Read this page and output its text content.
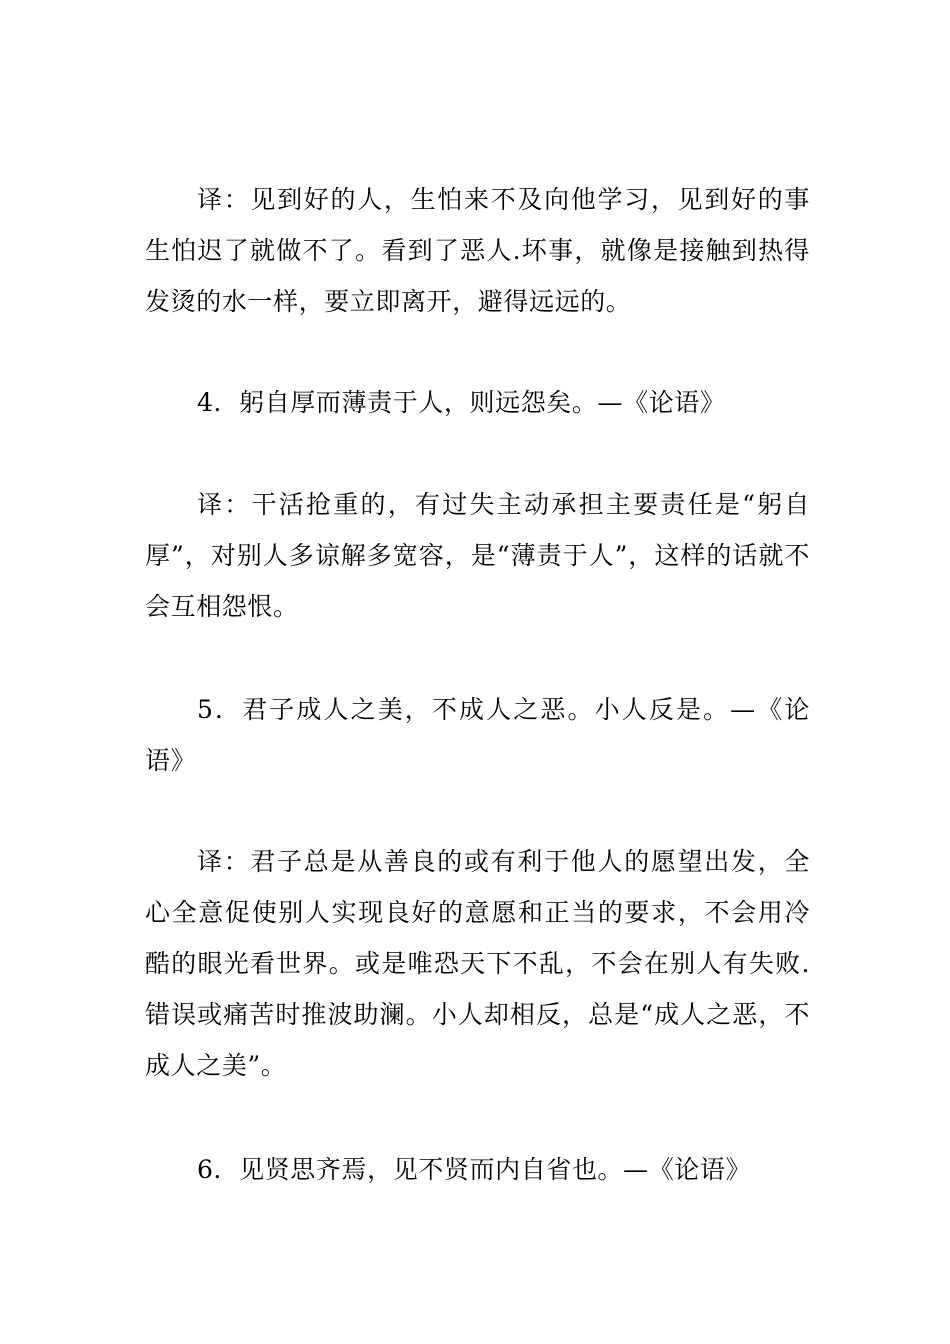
译：见到好的人，生怕来不及向他学习，见到好的事生怕迟了就做不了。看到了恶人.坏事，就像是接触到热得发烫的水一样，要立即离开，避得远远的。

4．躬自厚而薄责于人，则远怨矣。—《论语》

译：干活抢重的，有过失主动承担主要责任是“躬自厚”，对别人多谅解多宽容，是“薄责于人”，这样的话就不会互相怨恨。

5．君子成人之美，不成人之恶。小人反是。—《论语》

译：君子总是从善良的或有利于他人的愿望出发，全心全意促使别人实现良好的意愿和正当的要求，不会用冷酷的眼光看世界。或是唯恐天下不乱，不会在别人有失败.错误或痛苦时推波助澜。小人却相反，总是“成人之恶，不成人之美”。

6．见贤思齐焉，见不贤而内自省也。—《论语》
